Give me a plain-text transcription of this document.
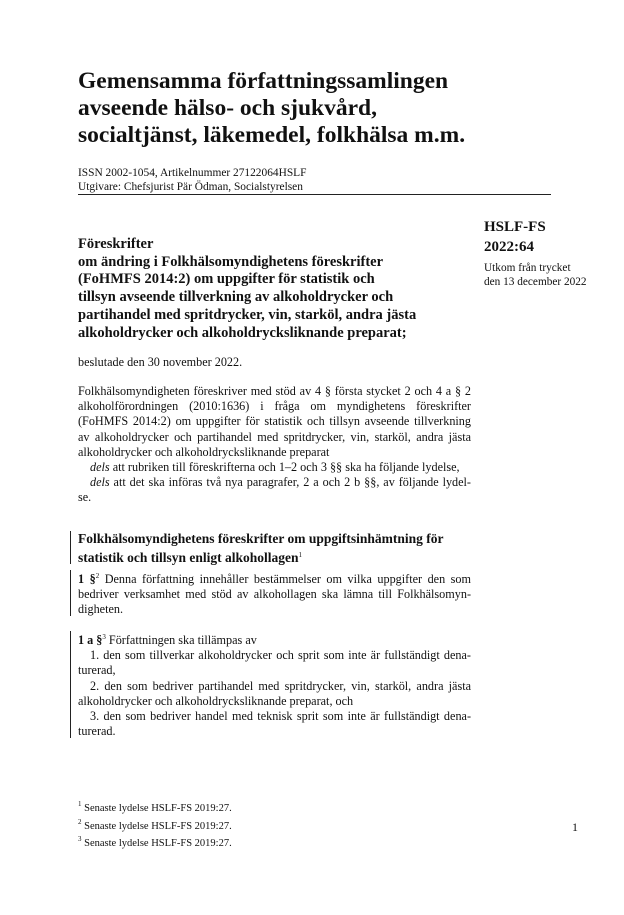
Gemensamma författningssamlingen
avseende hälso- och sjukvård,
socialtjänst, läkemedel, folkhälsa m.m.
ISSN 2002-1054, Artikelnummer 27122064HSLF
Utgivare: Chefsjurist Pär Ödman, Socialstyrelsen
HSLF-FS
2022:64
Utkom från trycket
den 13 december 2022
Föreskrifter
om ändring i Folkhälsomyndighetens föreskrifter
(FoHMFS 2014:2) om uppgifter för statistik och
tillsyn avseende tillverkning av alkoholdrycker och
partihandel med spritdrycker, vin, starköl, andra jästa
alkoholdrycker och alkoholdrycksliknande preparat;
beslutade den 30 november 2022.
Folkhälsomyndigheten föreskriver med stöd av 4 § första stycket 2 och 4 a § 2
alkoholförordningen (2010:1636) i fråga om myndighetens föreskrifter
(FoHMFS 2014:2) om uppgifter för statistik och tillsyn avseende tillverkning
av alkoholdrycker och partihandel med spritdrycker, vin, starköl, andra jästa
alkoholdrycker och alkoholdrycksliknande preparat
dels att rubriken till föreskrifterna och 1–2 och 3 §§ ska ha följande lydelse,
dels att det ska införas två nya paragrafer, 2 a och 2 b §§, av följande lydel-
se.
Folkhälsomyndighetens föreskrifter om uppgiftsinhämtning för
statistik och tillsyn enligt alkohollagen$^1$
1 §$^2$ Denna författning innehåller bestämmelser om vilka uppgifter den som
bedriver verksamhet med stöd av alkohollagen ska lämna till Folkhälsomyn-
digheten.
1 a §$^3$ Författningen ska tillämpas av
1. den som tillverkar alkoholdrycker och sprit som inte är fullständigt dena-
turerad,
2. den som bedriver partihandel med spritdrycker, vin, starköl, andra jästa
alkoholdrycker och alkoholdrycksliknande preparat, och
3. den som bedriver handel med teknisk sprit som inte är fullständigt dena-
turerad.
$^1$ Senaste lydelse HSLF-FS 2019:27.
$^2$ Senaste lydelse HSLF-FS 2019:27.
$^3$ Senaste lydelse HSLF-FS 2019:27.
1
